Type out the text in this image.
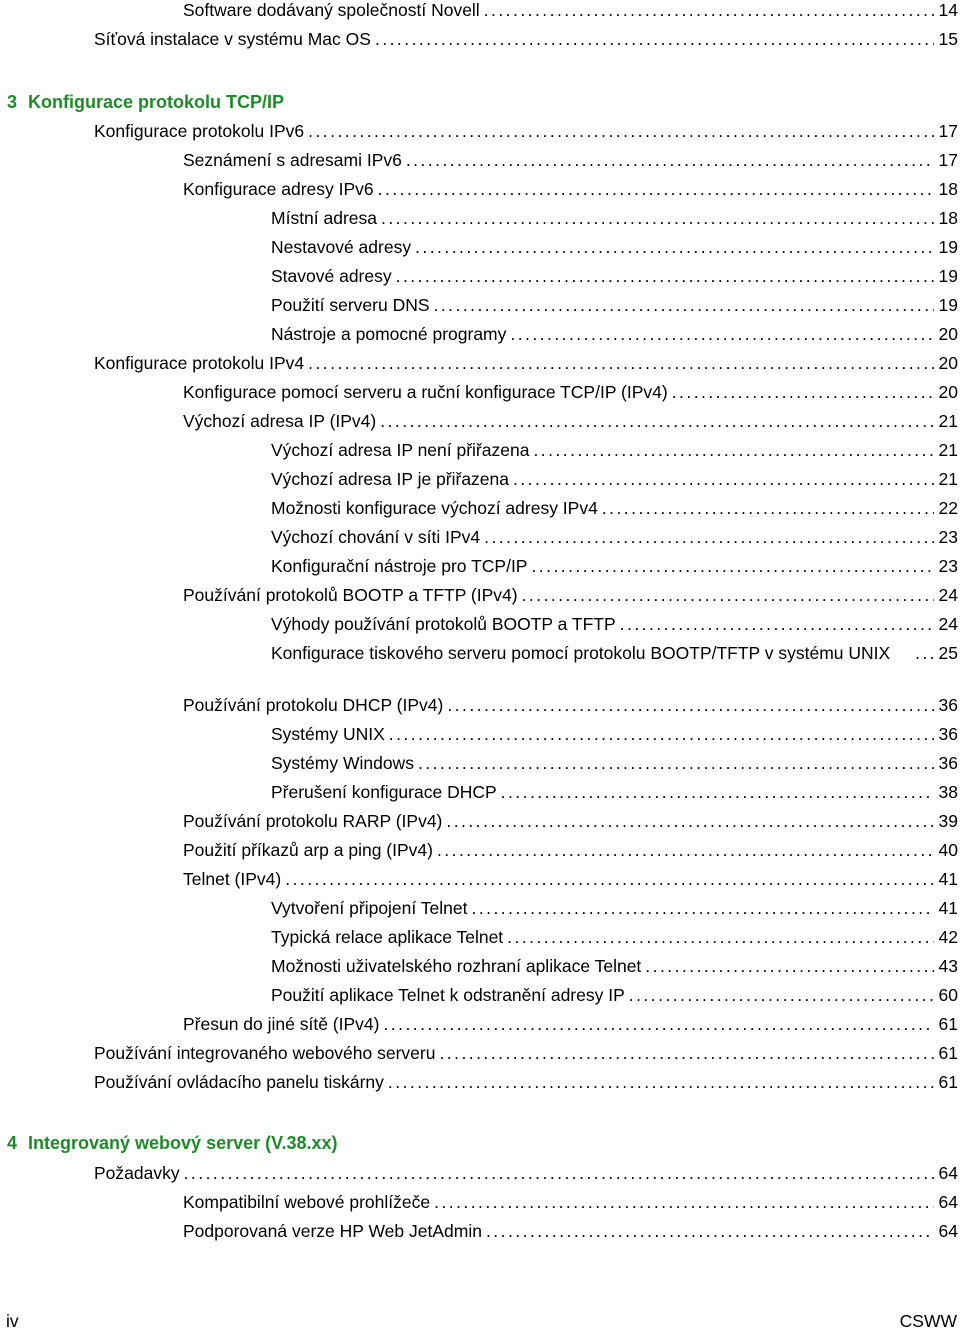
Software dodávaný společností Novell . . .	14
Síťová instalace v systému Mac OS . . .	15
3 Konfigurace protokolu TCP/IP
Konfigurace protokolu IPv6 . . .	17
Seznámení s adresami IPv6 . . .	17
Konfigurace adresy IPv6 . . .	18
Místní adresa . . .	18
Nestavové adresy . . .	19
Stavové adresy . . .	19
Použití serveru DNS . . .	19
Nástroje a pomocné programy . . .	20
Konfigurace protokolu IPv4 . . .	20
Konfigurace pomocí serveru a ruční konfigurace TCP/IP (IPv4) . . .	20
Výchozí adresa IP (IPv4) . . .	21
Výchozí adresa IP není přiřazena . . .	21
Výchozí adresa IP je přiřazena . . .	21
Možnosti konfigurace výchozí adresy IPv4 . . .	22
Výchozí chování v síti IPv4 . . .	23
Konfigurační nástroje pro TCP/IP . . .	23
Používání protokolů BOOTP a TFTP (IPv4) . . .	24
Výhody používání protokolů BOOTP a TFTP . . .	24
Konfigurace tiskového serveru pomocí protokolu BOOTP/TFTP v systému UNIX . . .	25
Používání protokolu DHCP (IPv4) . . .	36
Systémy UNIX . . .	36
Systémy Windows . . .	36
Přerušení konfigurace DHCP . . .	38
Používání protokolu RARP (IPv4) . . .	39
Použití příkazů arp a ping (IPv4) . . .	40
Telnet (IPv4) . . .	41
Vytvoření připojení Telnet . . .	41
Typická relace aplikace Telnet . . .	42
Možnosti uživatelského rozhraní aplikace Telnet . . .	43
Použití aplikace Telnet k odstranění adresy IP . . .	60
Přesun do jiné sítě (IPv4) . . .	61
Používání integrovaného webového serveru . . .	61
Používání ovládacího panelu tiskárny . . .	61
4 Integrovaný webový server (V.38.xx)
Požadavky . . .	64
Kompatibilní webové prohlížeče . . .	64
Podporovaná verze HP Web JetAdmin . . .	64
iv	CSWW
